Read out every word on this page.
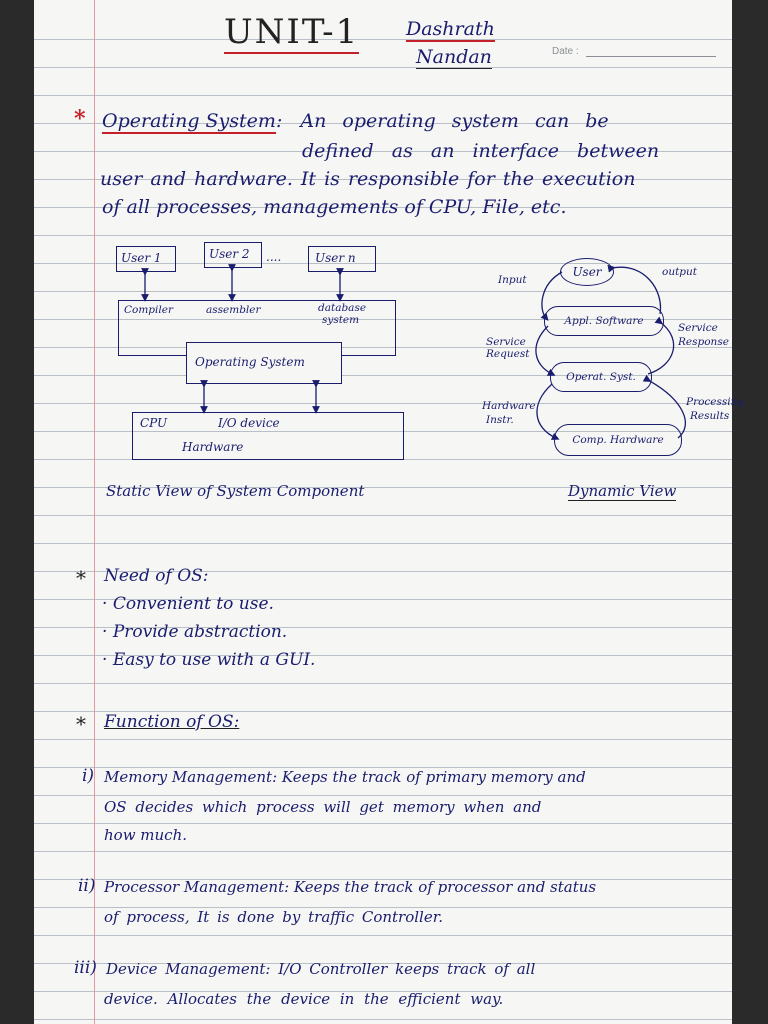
UNIT-1 Dashrath
Nandan	Date :
* Operating System: An operating system can be
defined as an interface between
user and hardware. It is responsible for the execution
of all processes, managements of CPU, File, etc.
User 1	User 2	....	User n
Compiler	assembler	database
system
Operating System
CPU	I/O device
Hardware
Static View of System Component
User
Appl. Software
Operat. Syst.
Comp. Hardware
Input
output
Service
Request
Service
Response
Hardware
Instr.
Processing
Results
Dynamic View
* Need of OS:
· Convenient to use.
· Provide abstraction.
· Easy to use with a GUI.
* Function of OS:
i) Memory Management: Keeps the track of primary memory and
OS decides which process will get memory when and
how much.
ii) Processor Management: Keeps the track of processor and status
of process, It is done by traffic Controller.
iii) Device Management: I/O Controller keeps track of all
device. Allocates the device in the efficient way.
